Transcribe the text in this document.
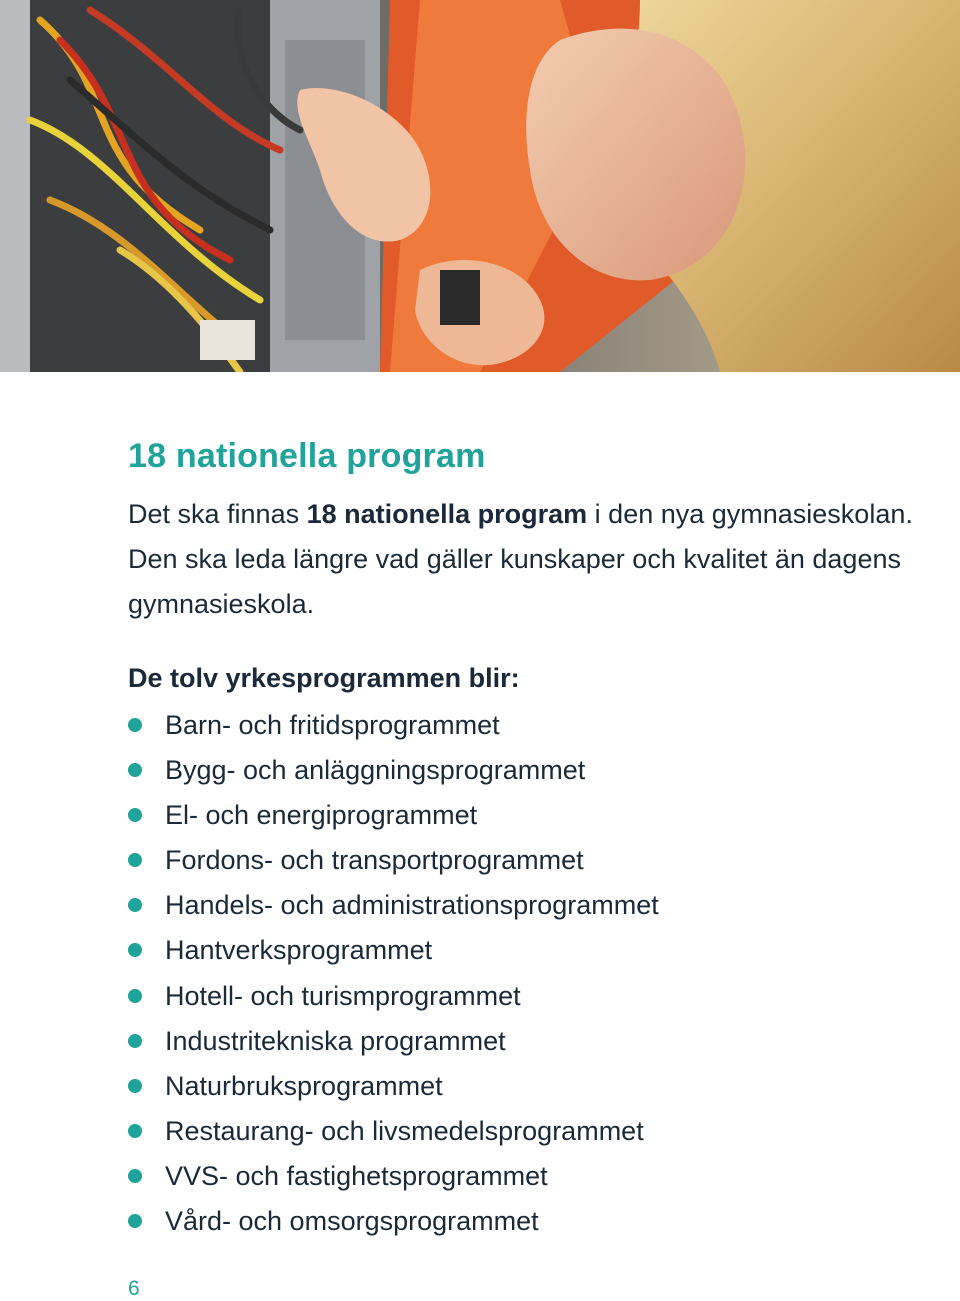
18 nationella program
Det ska finnas 18 nationella program i den nya gymnasieskolan. Den ska leda längre vad gäller kunskaper och kvalitet än dagens gymnasieskola.
De tolv yrkesprogrammen blir:
Barn- och fritidsprogrammet
Bygg- och anläggningsprogrammet
El- och energiprogrammet
Fordons- och transportprogrammet
Handels- och administrationsprogrammet
Hantverksprogrammet
Hotell- och turismprogrammet
Industritekniska programmet
Naturbruksprogrammet
Restaurang- och livsmedelsprogrammet
VVS- och fastighetsprogrammet
Vård- och omsorgsprogrammet
6
